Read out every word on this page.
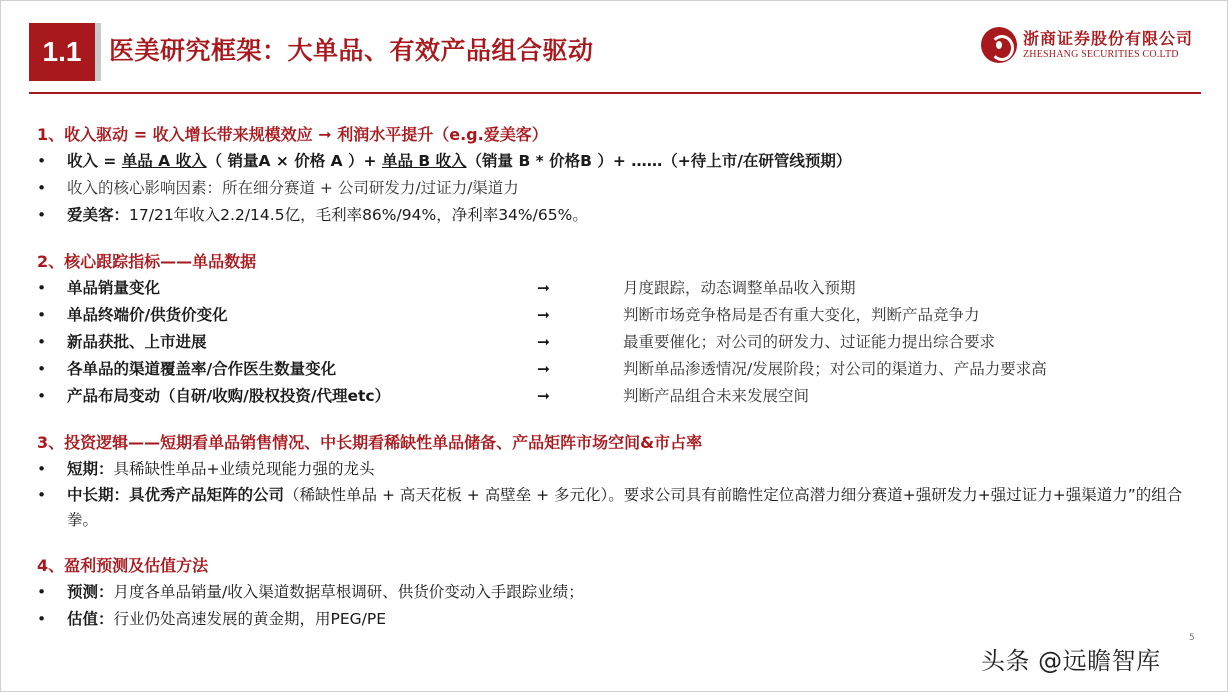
1.1	医美研究框架：大单品、有效产品组合驱动	浙商证券股份有限公司
ZHESHANG SECURITIES CO.LTD
1、收入驱动 = 收入增长带来规模效应 ➞ 利润水平提升（e.g.爱美客）
•	收入 = 单品 A 收入（ 销量A × 价格 A ）+ 单品 B 收入（销量 B * 价格B ）+ ……（+待上市/在研管线预期）
•	收入的核心影响因素：所在细分赛道 + 公司研发力/过证力/渠道力
•	爱美客：17/21年收入2.2/14.5亿，毛利率86%/94%，净利率34%/65%。
2、核心跟踪指标——单品数据
•	单品销量变化	➞	月度跟踪，动态调整单品收入预期
•	单品终端价/供货价变化	➞	判断市场竞争格局是否有重大变化，判断产品竞争力
•	新品获批、上市进展	➞	最重要催化；对公司的研发力、过证能力提出综合要求
•	各单品的渠道覆盖率/合作医生数量变化	➞	判断单品渗透情况/发展阶段；对公司的渠道力、产品力要求高
•	产品布局变动（自研/收购/股权投资/代理etc）	➞	判断产品组合未来发展空间
3、投资逻辑——短期看单品销售情况、中长期看稀缺性单品储备、产品矩阵市场空间&市占率
•	短期：具稀缺性单品+业绩兑现能力强的龙头
•	中长期：具优秀产品矩阵的公司（稀缺性单品 + 高天花板 + 高壁垒 + 多元化）。要求公司具有前瞻性定位高潜力细分赛道+强研发力+强过证力+强渠道力”的组合拳。
4、盈利预测及估值方法
•	预测：月度各单品销量/收入渠道数据草根调研、供货价变动入手跟踪业绩；
•	估值：行业仍处高速发展的黄金期，用PEG/PE
5
头条 @远瞻智库
